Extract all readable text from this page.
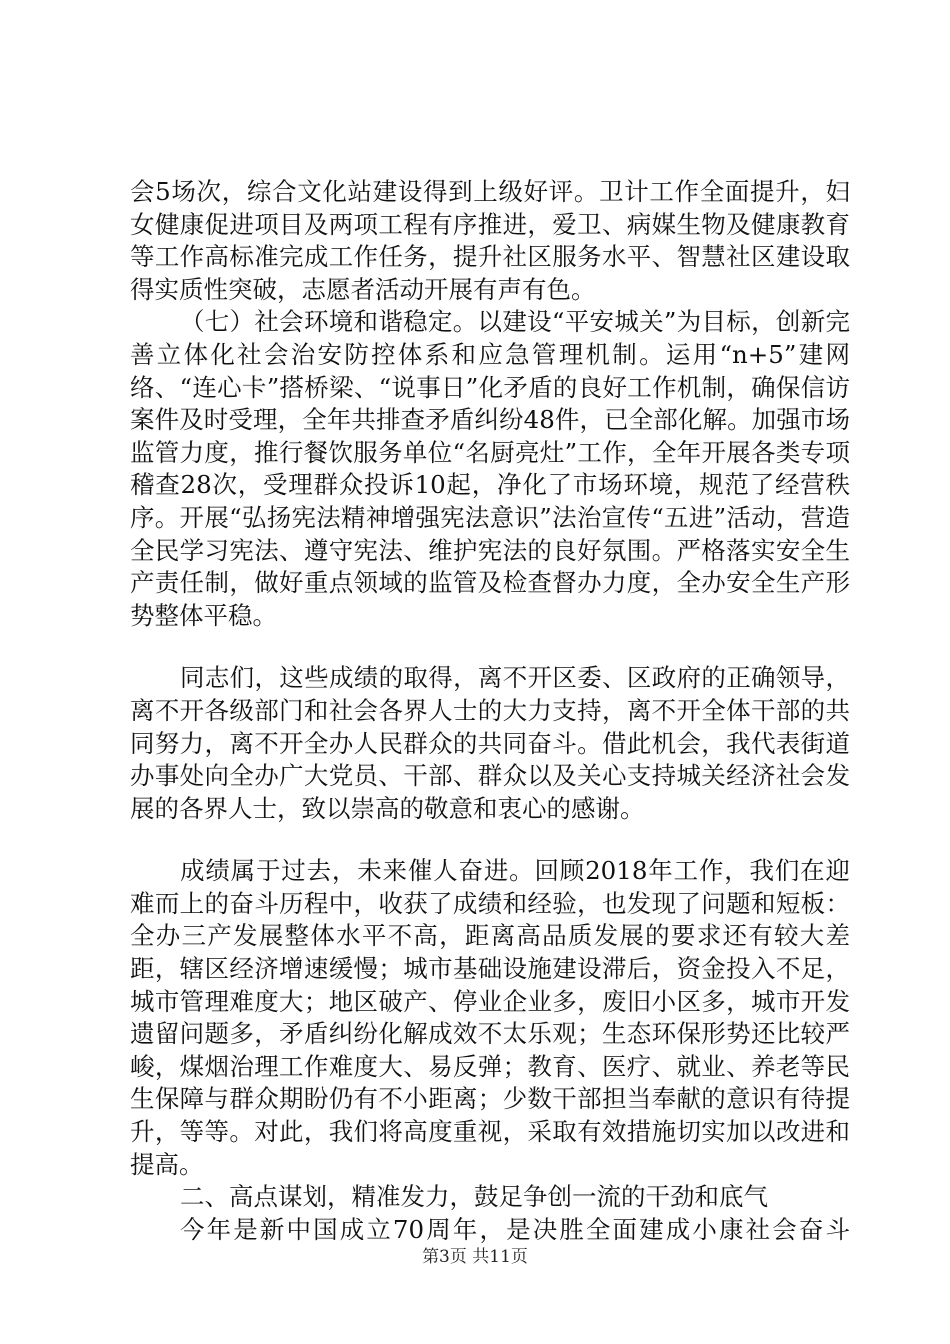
会5场次，综合文化站建设得到上级好评。卫计工作全面提升，妇女健康促进项目及两项工程有序推进，爱卫、病媒生物及健康教育等工作高标准完成工作任务，提升社区服务水平、智慧社区建设取得实质性突破，志愿者活动开展有声有色。

（七）社会环境和谐稳定。以建设“平安城关”为目标，创新完善立体化社会治安防控体系和应急管理机制。运用“n+5”建网络、“连心卡”搭桥梁、“说事日”化矛盾的良好工作机制，确保信访案件及时受理，全年共排查矛盾纠纷48件，已全部化解。加强市场监管力度，推行餐饮服务单位“名厨亮灶”工作，全年开展各类专项稽查28次，受理群众投诉10起，净化了市场环境，规范了经营秩序。开展“弘扬宪法精神增强宪法意识”法治宣传“五进”活动，营造全民学习宪法、遵守宪法、维护宪法的良好氛围。严格落实安全生产责任制，做好重点领域的监管及检查督办力度，全办安全生产形势整体平稳。

同志们，这些成绩的取得，离不开区委、区政府的正确领导，离不开各级部门和社会各界人士的大力支持，离不开全体干部的共同努力，离不开全办人民群众的共同奋斗。借此机会，我代表街道办事处向全办广大党员、干部、群众以及关心支持城关经济社会发展的各界人士，致以崇高的敬意和衷心的感谢。

成绩属于过去，未来催人奋进。回顾2018年工作，我们在迎难而上的奋斗历程中，收获了成绩和经验，也发现了问题和短板：全办三产发展整体水平不高，距离高品质发展的要求还有较大差距，辖区经济增速缓慢；城市基础设施建设滞后，资金投入不足，城市管理难度大；地区破产、停业企业多，废旧小区多，城市开发遗留问题多，矛盾纠纷化解成效不太乐观；生态环保形势还比较严峻，煤烟治理工作难度大、易反弹；教育、医疗、就业、养老等民生保障与群众期盼仍有不小距离；少数干部担当奉献的意识有待提升，等等。对此，我们将高度重视，采取有效措施切实加以改进和提高。

二、高点谋划，精准发力，鼓足争创一流的干劲和底气

今年是新中国成立70周年，是决胜全面建成小康社会奋斗

第3页 共11页
